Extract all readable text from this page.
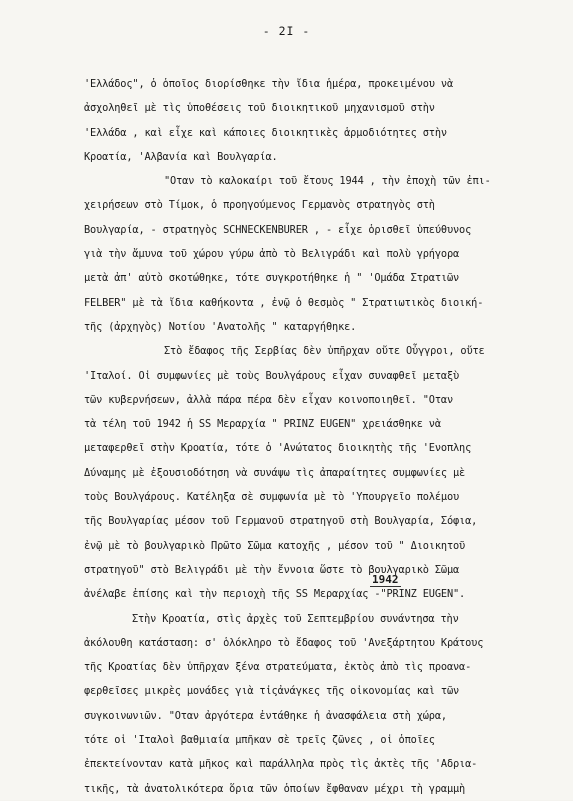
- 2I -
'Ελλάδος", ὁ ὁποῖος διορίσθηκε τὴν ἴδια ἡμέρα, προκειμένου νὰ
ἀσχοληθεῖ μὲ τὶς ὑποθέσεις τοῦ διοικητικοῦ μηχανισμοῦ στὴν
'Ελλάδα , καὶ εἶχε καὶ κάποιες διοικητικὲς ἁρμοδιότητες στὴν
Κροατία, 'Αλβανία καὶ Βουλγαρία.
"Οταν τὸ καλοκαίρι τοῦ ἔτους 1944 , τὴν ἐποχὴ τῶν ἐπι-
χειρήσεων στὸ Τίμοκ, ὁ προηγούμενος Γερμανὸς στρατηγὸς στὴ
Βουλγαρία, - στρατηγὸς SCHNECKENBURER , - εἶχε ὁρισθεῖ ὑπεύθυνος
γιὰ τὴν ἄμυνα τοῦ χώρου γύρω ἀπὸ τὸ Βελιγράδι καὶ πολὺ γρήγορα
μετὰ ἀπ' αὐτὸ σκοτώθηκε, τότε συγκροτήθηκε ἡ " 'Ομάδα Στρατιῶν
FELBER" μὲ τὰ ἴδια καθήκοντα , ἐνῷ ὁ θεσμὸς " Στρατιωτικὸς διοική-
τῆς (ἀρχηγὸς) Νοτίου 'Ανατολῆς " καταργήθηκε.
Στὸ ἔδαφος τῆς Σερβίας δὲν ὑπῆρχαν οὔτε Οὖγγροι, οὔτε
'Ιταλοί. Οἱ συμφωνίες μὲ τοὺς Βουλγάρους εἶχαν συναφθεῖ μεταξὺ
τῶν κυβερνήσεων, ἀλλὰ πάρα πέρα δὲν εἶχαν κοινοποιηθεῖ. "Οταν
τὰ τέλη τοῦ 1942 ἡ SS Μεραρχία " PRINZ EUGEN" χρειάσθηκε νὰ
μεταφερθεῖ στὴν Κροατία, τότε ὁ 'Ανώτατος διοικητὴς τῆς 'Ενοπλης
Δύναμης μὲ ἐξουσιοδότηση νὰ συνάψω τὶς ἀπαραίτητες συμφωνίες μὲ
τοὺς Βουλγάρους. Κατέληξα σὲ συμφωνία μὲ τὸ 'Υπουργεῖο πολέμου
τῆς Βουλγαρίας μέσον τοῦ Γερμανοῦ στρατηγοῦ στὴ Βουλγαρία, Σόφια,
ἐνῷ μὲ τὸ βουλγαρικὸ Πρῶτο Σῶμα κατοχῆς , μέσον τοῦ " Διοικητοῦ
στρατηγοῦ" στὸ Βελιγράδι μὲ τὴν ἔννοια ὥστε τὸ βουλγαρικὸ Σῶμα
ἀνέλαβε ἐπίσης καὶ τὴν περιοχὴ τῆς SS Μεραρχίας -"PRINZ EUGEN".
Στὴν Κροατία, στὶς ἀρχὲς τοῦ Σεπτεμβρίου συνάντησα τὴν
ἀκόλουθη κατάσταση: σ' ὁλόκληρο τὸ ἔδαφος τοῦ 'Ανεξάρτητου Κράτους
τῆς Κροατίας δὲν ὑπῆρχαν ξένα στρατεύματα, ἐκτὸς ἀπὸ τὶς προανα-
φερθεῖσες μικρὲς μονάδες γιὰ τἰςἀνάγκες τῆς οἰκονομίας καὶ τῶν
συγκοινωνιῶν. "Οταν ἀργότερα ἐντάθηκε ἡ ἀνασφάλεια στὴ χώρα,
τότε οἱ 'Ιταλοὶ βαθμιαία μπῆκαν σὲ τρεῖς ζῶνες , οἱ ὁποῖες
ἐπεκτείνονταν κατὰ μῆκος καὶ παράλληλα πρὸς τὶς ἀκτὲς τῆς 'Αδρια-
τικῆς, τὰ ἀνατολικότερα ὅρια τῶν ὁποίων ἔφθαναν μέχρι τὴ γραμμὴ
1942
